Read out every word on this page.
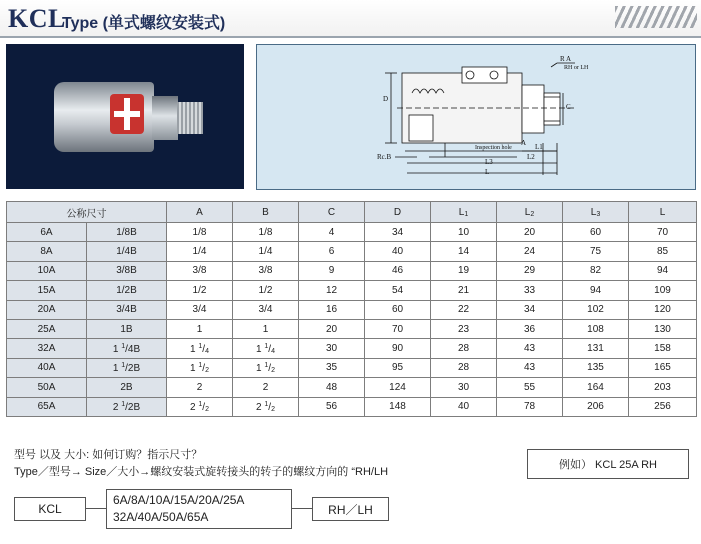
KCL
Type (单式螺纹安装式)
R A
RH or LH
D
A
C
Rc.B
Inspection hole	L1
L2
L3
L
公称尺寸		A	B	C	D	$L_1$	$L_2$	$L_3$	L
6A	1/8B	1/8	1/8	4	34	10	20	60	70
8A	1/4B	1/4	1/4	6	40	14	24	75	85
10A	3/8B	3/8	3/8	9	46	19	29	82	94
15A	1/2B	1/2	1/2	12	54	21	33	94	109
20A	3/4B	3/4	3/4	16	60	22	34	102	120
25A	1B	1	1	20	70	23	36	108	130
32A	1 $^1$/4B	1 $^1/_4$	1 $^1/_4$	30	90	28	43	131	158
40A	1 $^1$/2B	1 $^1/_2$	1 $^1/_2$	35	95	28	43	135	165
50A	2B	2	2	48	124	30	55	164	203
65A	2 $^1$/2B	2 $^1/_2$	2 $^1/_2$	56	148	40	78	206	256
型号 以及 大小: 如何订购？指示尺寸？
Type／型号→ Size／大小→螺纹安装式旋转接头的转子的螺纹方向的 “RH/LH
例如） KCL 25A RH
KCL
6A/8A/10A/15A/20A/25A
32A/40A/50A/65A
RH／LH
